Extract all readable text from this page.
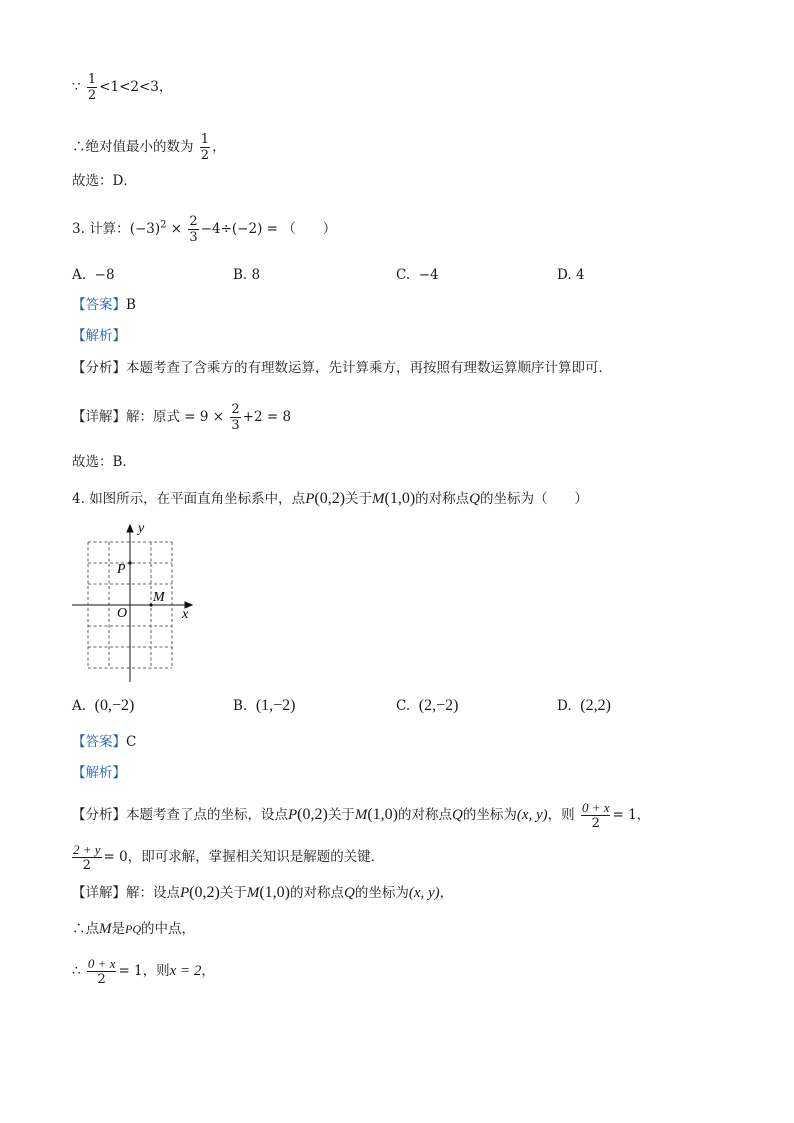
∵ $\frac{1}{2} <1<2<3$，
∴绝对值最小的数为 $\frac{1}{2}$ ，
故选：D．
3. 计算：$(-3)^2 \times \frac{2}{3} -4\div(-2)$ = （　　）
A. −8	B. 8	C. −4	D. 4
【答案】B
【解析】
【分析】本题考查了含乘方的有理数运算，先计算乘方，再按照有理数运算顺序计算即可．
【详解】解：原式 = $9 \times \frac{2}{3} +2 = 8$
故选：B．
4. 如图所示，在平面直角坐标系中，点P(0,2)关于M(1,0)的对称点Q的坐标为（　　）
y
x
O
P
M
A. (0,−2)	B. (1,−2)	C. (2,−2)	D. (2,2)
【答案】C
【解析】
【分析】本题考查了点的坐标，设点P(0,2)关于M(1,0)的对称点Q的坐标为(x, y)，则 $\frac{0 + x}{2} = 1$，
$\frac{2 + y}{2} = 0$，即可求解，掌握相关知识是解题的关键．
【详解】解：设点P(0,2)关于M(1,0)的对称点Q的坐标为(x, y)，
∴点M是PQ的中点，
∴ $\frac{0 + x}{2} = 1$，则x = 2，
